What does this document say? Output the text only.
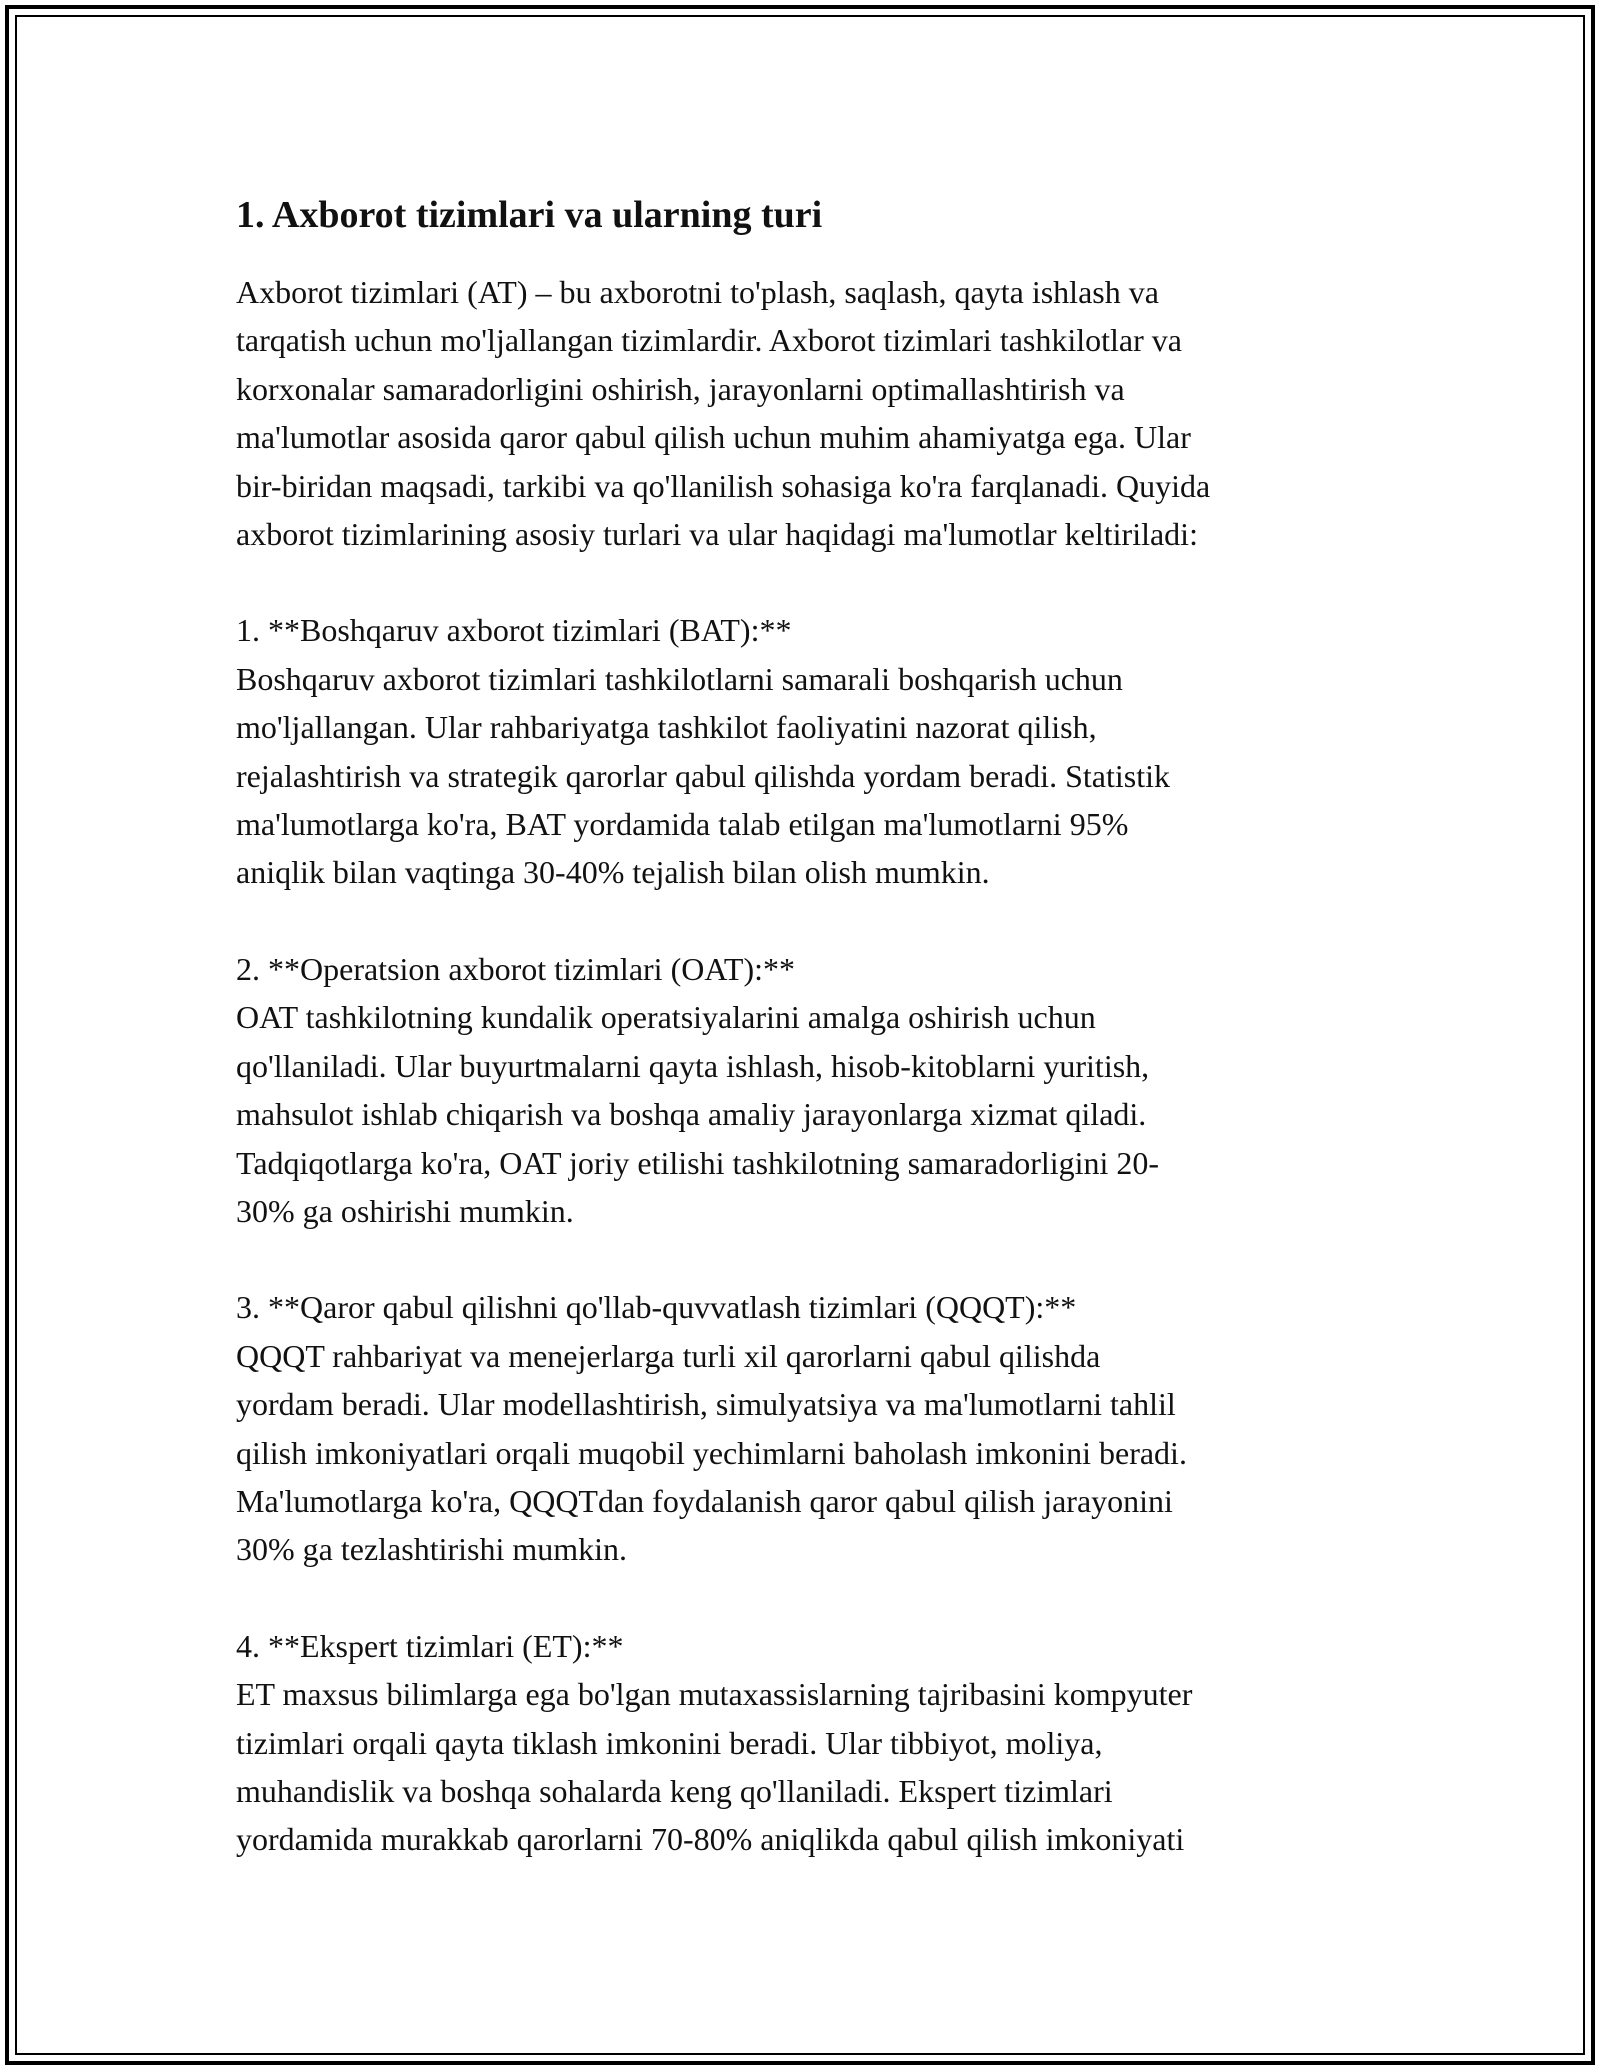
1. Axborot tizimlari va ularning turi

Axborot tizimlari (AT) – bu axborotni to'plash, saqlash, qayta ishlash va
tarqatish uchun mo'ljallangan tizimlardir. Axborot tizimlari tashkilotlar va
korxonalar samaradorligini oshirish, jarayonlarni optimallashtirish va
ma'lumotlar asosida qaror qabul qilish uchun muhim ahamiyatga ega. Ular
bir-biridan maqsadi, tarkibi va qo'llanilish sohasiga ko'ra farqlanadi. Quyida
axborot tizimlarining asosiy turlari va ular haqidagi ma'lumotlar keltiriladi:

1. **Boshqaruv axborot tizimlari (BAT):**

Boshqaruv axborot tizimlari tashkilotlarni samarali boshqarish uchun
mo'ljallangan. Ular rahbariyatga tashkilot faoliyatini nazorat qilish,
rejalashtirish va strategik qarorlar qabul qilishda yordam beradi. Statistik
ma'lumotlarga ko'ra, BAT yordamida talab etilgan ma'lumotlarni 95%
aniqlik bilan vaqtinga 30-40% tejalish bilan olish mumkin.

2. **Operatsion axborot tizimlari (OAT):**

OAT tashkilotning kundalik operatsiyalarini amalga oshirish uchun
qo'llaniladi. Ular buyurtmalarni qayta ishlash, hisob-kitoblarni yuritish,
mahsulot ishlab chiqarish va boshqa amaliy jarayonlarga xizmat qiladi.
Tadqiqotlarga ko'ra, OAT joriy etilishi tashkilotning samaradorligini 20-
30% ga oshirishi mumkin.

3. **Qaror qabul qilishni qo'llab-quvvatlash tizimlari (QQQT):**

QQQT rahbariyat va menejerlarga turli xil qarorlarni qabul qilishda
yordam beradi. Ular modellashtirish, simulyatsiya va ma'lumotlarni tahlil
qilish imkoniyatlari orqali muqobil yechimlarni baholash imkonini beradi.
Ma'lumotlarga ko'ra, QQQTdan foydalanish qaror qabul qilish jarayonini
30% ga tezlashtirishi mumkin.

4. **Ekspert tizimlari (ET):**

ET maxsus bilimlarga ega bo'lgan mutaxassislarning tajribasini kompyuter
tizimlari orqali qayta tiklash imkonini beradi. Ular tibbiyot, moliya,
muhandislik va boshqa sohalarda keng qo'llaniladi. Ekspert tizimlari
yordamida murakkab qarorlarni 70-80% aniqlikda qabul qilish imkoniyati
